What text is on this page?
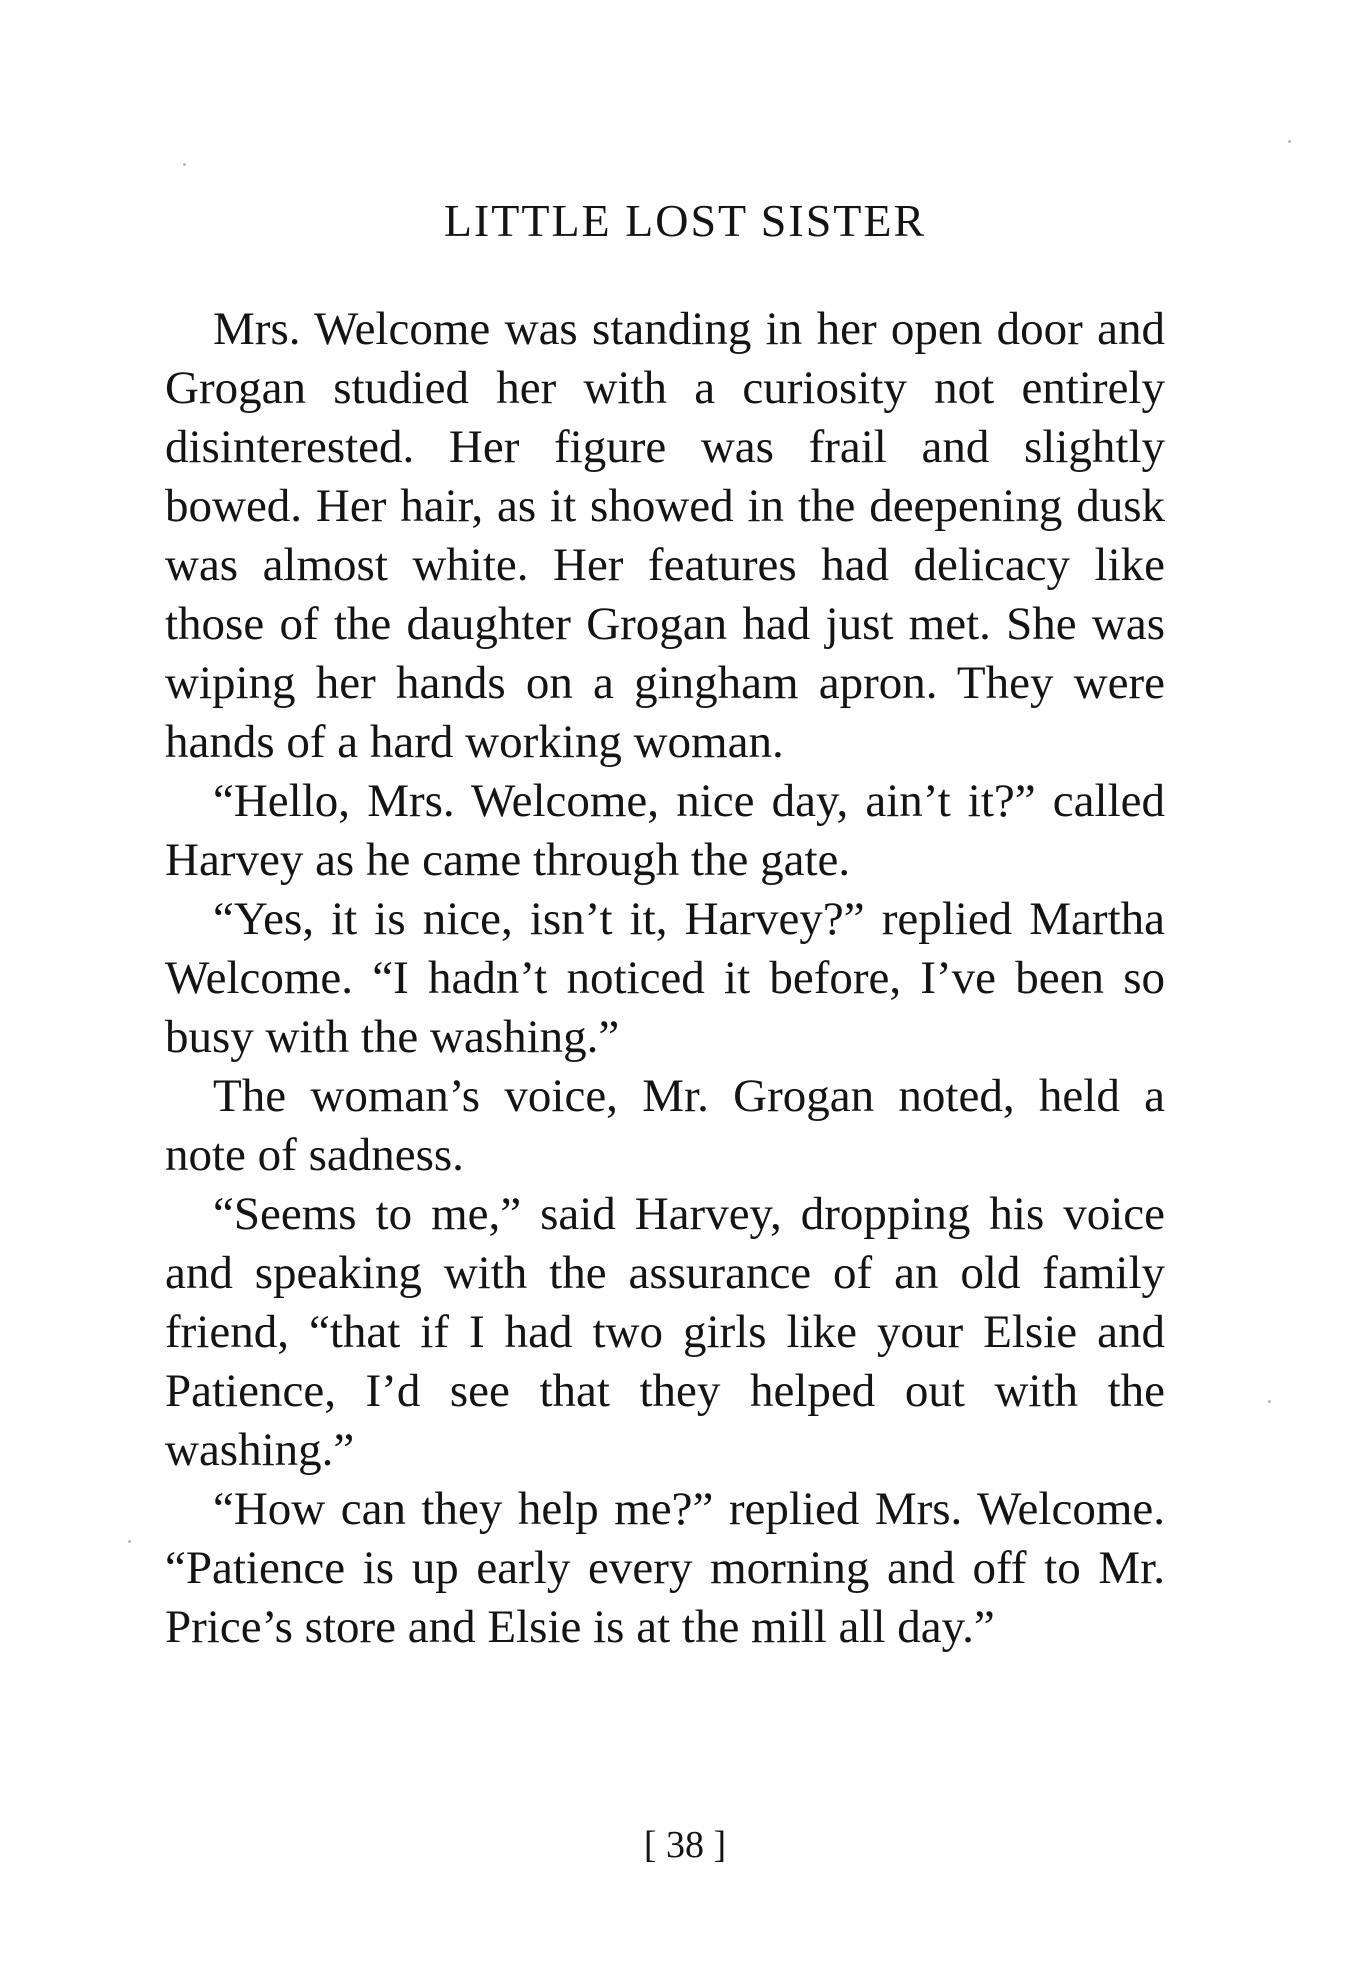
LITTLE LOST SISTER

Mrs. Welcome was standing in her open door and Grogan studied her with a curiosity not entirely disinterested. Her figure was frail and slightly bowed. Her hair, as it showed in the deepening dusk was almost white. Her features had delicacy like those of the daughter Grogan had just met. She was wiping her hands on a gingham apron. They were hands of a hard working woman.

“Hello, Mrs. Welcome, nice day, ain’t it?” called Harvey as he came through the gate.

“Yes, it is nice, isn’t it, Harvey?” replied Martha Welcome. “I hadn’t noticed it before, I’ve been so busy with the washing.”

The woman’s voice, Mr. Grogan noted, held a note of sadness.

“Seems to me,” said Harvey, dropping his voice and speaking with the assurance of an old family friend, “that if I had two girls like your Elsie and Patience, I’d see that they helped out with the washing.”

“How can they help me?” replied Mrs. Welcome. “Patience is up early every morning and off to Mr. Price’s store and Elsie is at the mill all day.”

[ 38 ]
